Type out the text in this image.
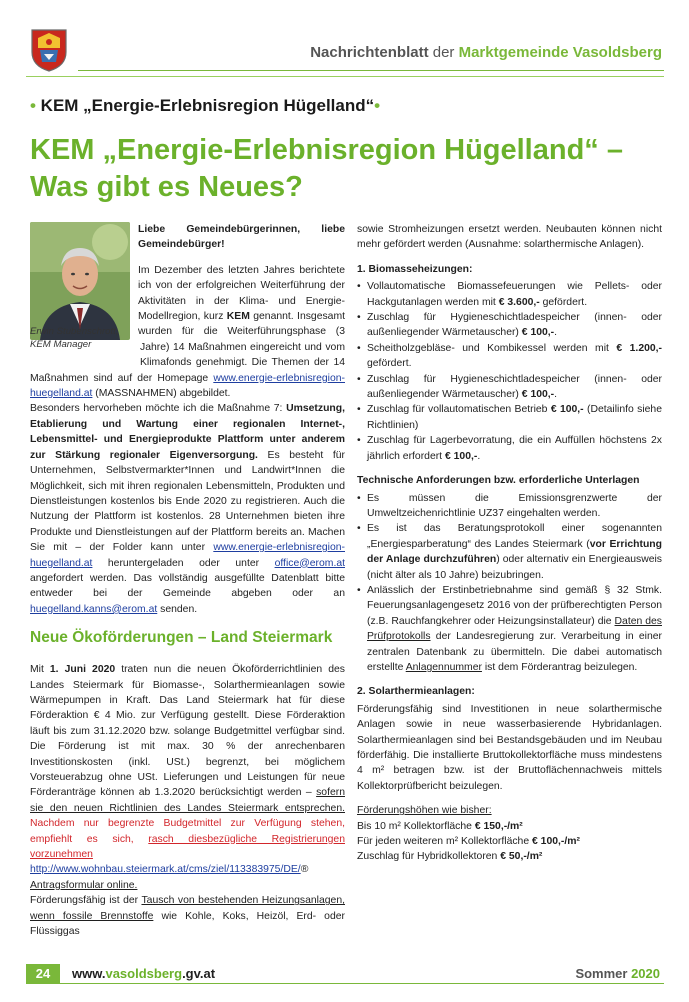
Nachrichtenblatt der Marktgemeinde Vasoldsberg
• KEM „Energie-Erlebnisregion Hügelland“•
KEM „Energie-Erlebnisregion Hügelland“ –
Was gibt es Neues?

Liebe Gemeindebürgerinnen, liebe Gemeindebürger!

Erwin Stubenschrott,
KEM Manager

Im Dezember des letzten Jahres berichtete ich von der erfolgreichen Weiterführung der Aktivitäten in der Klima- und Energie-Modellregion, kurz KEM genannt. Insgesamt wurden für die Weiterführungsphase (3 Jahre) 14 Maßnahmen eingereicht und vom Klimafonds genehmigt. Die Themen der 14 Maßnahmen sind auf der Homepage www.energie-erlebnisregion-huegelland.at (MASSNAHMEN) abgebildet.

Besonders hervorheben möchte ich die Maßnahme 7: Umsetzung, Etablierung und Wartung einer regionalen Internet-, Lebensmittel- und Energieprodukte Plattform unter anderem zur Stärkung regionaler Eigenversorgung. Es besteht für Unternehmen, Selbstvermarkter*Innen und Landwirt*Innen die Möglichkeit, sich mit ihren regionalen Lebensmitteln, Produkten und Dienstleistungen kostenlos bis Ende 2020 zu registrieren. Auch die Nutzung der Plattform ist kostenlos. 28 Unternehmen bieten ihre Produkte und Dienstleistungen auf der Plattform bereits an. Machen Sie mit – der Folder kann unter www.energie-erlebnisregion-huegelland.at heruntergeladen oder unter office@erom.at angefordert werden. Das vollständig ausgefüllte Datenblatt bitte entweder bei der Gemeinde abgeben oder an huegelland.kanns@erom.at senden.

Neue Ökoförderungen – Land Steiermark

Mit 1. Juni 2020 traten nun die neuen Ökoförderrichtlinien des Landes Steiermark für Biomasse-, Solarthermieanlagen sowie Wärmepumpen in Kraft. Das Land Steiermark hat für diese Förderaktion € 4 Mio. zur Verfügung gestellt. Diese Förderaktion läuft bis zum 31.12.2020 bzw. solange Budgetmittel verfügbar sind. Die Förderung ist mit max. 30 % der anrechenbaren Investitionskosten (inkl. USt.) begrenzt, bei möglichem Vorsteuerabzug ohne USt. Lieferungen und Leistungen für neue Förderanträge können ab 1.3.2020 berücksichtigt werden – sofern sie den neuen Richtlinien des Landes Steiermark entsprechen. Nachdem nur begrenzte Budgetmittel zur Verfügung stehen, empfiehlt es sich, rasch diesbezügliche Registrierungen vorzunehmen http://www.wohnbau.steiermark.at/cms/ziel/113383975/DE/® Antragsformular online.

Förderungsfähig ist der Tausch von bestehenden Heizungsanlagen, wenn fossile Brennstoffe wie Kohle, Koks, Heizöl, Erd- oder Flüssiggas

sowie Stromheizungen ersetzt werden. Neubauten können nicht mehr gefördert werden (Ausnahme: solarthermische Anlagen).

1. Biomasseheizungen:
• Vollautomatische Biomassefeuerungen wie Pellets- oder Hackgutanlagen werden mit € 3.600,- gefördert.
• Zuschlag für Hygieneschichtladespeicher (innen- oder außenliegender Wärmetauscher) € 100,-.
• Scheitholzgebläse- und Kombikessel werden mit € 1.200,- gefördert.
• Zuschlag für Hygieneschichtladespeicher (innen- oder außenliegender Wärmetauscher) € 100,-.
• Zuschlag für vollautomatischen Betrieb € 100,- (Detailinfo siehe Richtlinien)
• Zuschlag für Lagerbevorratung, die ein Auffüllen höchstens 2x jährlich erfordert € 100,-.
Technische Anforderungen bzw. erforderliche Unterlagen
• Es müssen die Emissionsgrenzwerte der Umweltzeichenrichtlinie UZ37 eingehalten werden.
• Es ist das Beratungsprotokoll einer sogenannten „Energiesparberatung“ des Landes Steiermark (vor Errichtung der Anlage durchzuführen) oder alternativ ein Energieausweis (nicht älter als 10 Jahre) beizubringen.
• Anlässlich der Erstinbetriebnahme sind gemäß § 32 Stmk. Feuerungsanlagengesetz 2016 von der prüfberechtigten Person (z.B. Rauchfangkehrer oder Heizungsinstallateur) die Daten des Prüfprotokolls der Landesregierung zur. Verarbeitung in einer zentralen Datenbank zu übermitteln. Die dabei automatisch erstellte Anlagennummer ist dem Förderantrag beizulegen.
2. Solarthermieanlagen:

Förderungsfähig sind Investitionen in neue solarthermische Anlagen sowie in neue wasserbasierende Hybridanlagen. Solarthermieanlagen sind bei Bestandsgebäuden und im Neubau förderfähig. Die installierte Bruttokollektorfläche muss mindestens 4 m² betragen bzw. ist der Bruttoflächennachweis mittels Kollektorprüfbericht beizulegen.

Förderungshöhen wie bisher:
Bis 10 m² Kollektorfläche € 150,-/m²
Für jeden weiteren m² Kollektorfläche € 100,-/m²
Zuschlag für Hybridkollektoren € 50,-/m²
24	www.vasoldsberg.gv.at	Sommer 2020
